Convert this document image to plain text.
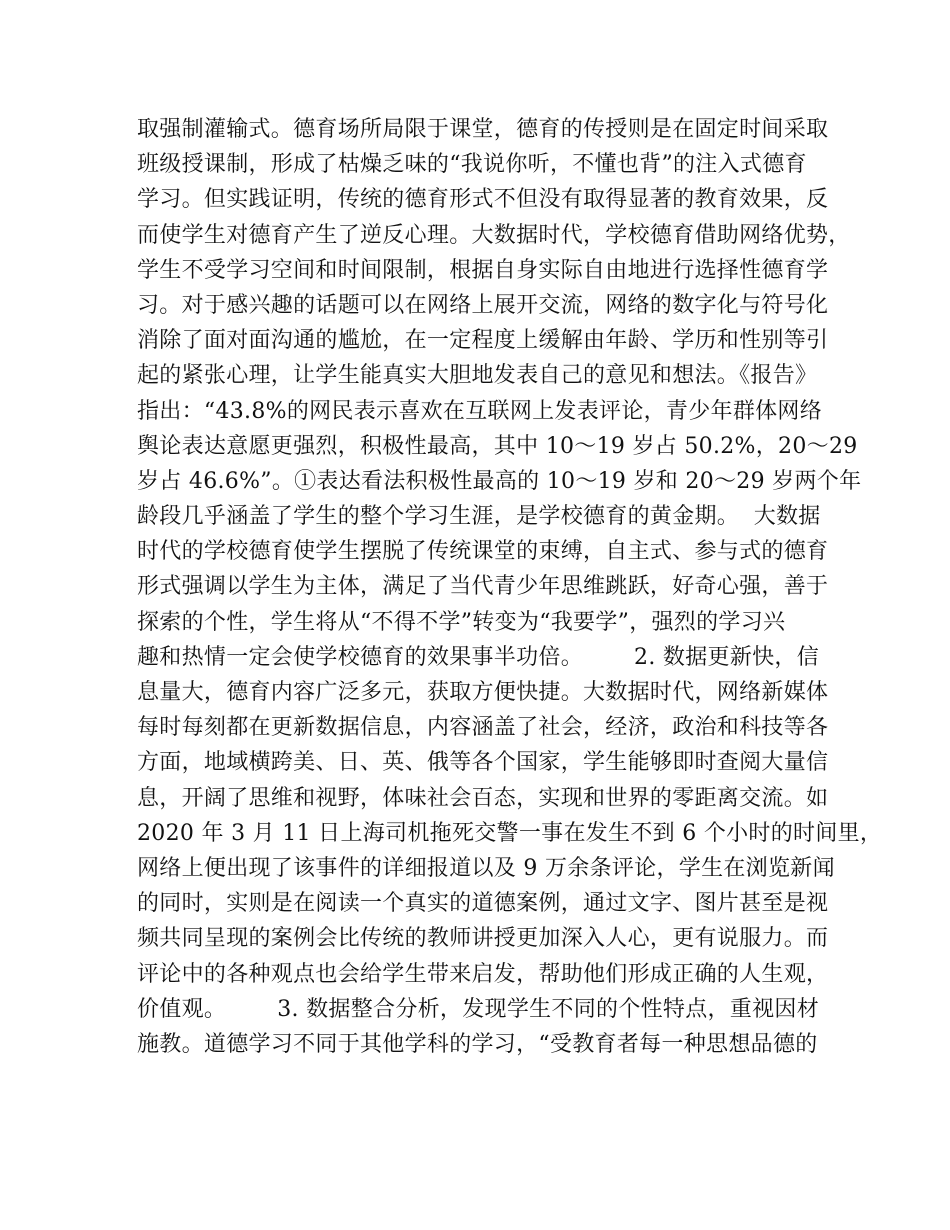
取强制灌输式。德育场所局限于课堂，德育的传授则是在固定时间采取
班级授课制，形成了枯燥乏味的“我说你听，不懂也背”的注入式德育
学习。但实践证明，传统的德育形式不但没有取得显著的教育效果，反
而使学生对德育产生了逆反心理。大数据时代，学校德育借助网络优势，
学生不受学习空间和时间限制，根据自身实际自由地进行选择性德育学
习。对于感兴趣的话题可以在网络上展开交流，网络的数字化与符号化
消除了面对面沟通的尴尬，在一定程度上缓解由年龄、学历和性别等引
起的紧张心理，让学生能真实大胆地发表自己的意见和想法。《报告》
指出：“43.8%的网民表示喜欢在互联网上发表评论，青少年群体网络
舆论表达意愿更强烈，积极性最高，其中 10～19 岁占 50.2%，20～29
岁占 46.6%”。①表达看法积极性最高的 10～19 岁和 20～29 岁两个年
龄段几乎涵盖了学生的整个学习生涯，是学校德育的黄金期。  大数据
时代的学校德育使学生摆脱了传统课堂的束缚，自主式、参与式的德育
形式强调以学生为主体，满足了当代青少年思维跳跃，好奇心强，善于
探索的个性，学生将从“不得不学”转变为“我要学”，强烈的学习兴
趣和热情一定会使学校德育的效果事半功倍。       2. 数据更新快，信
息量大，德育内容广泛多元，获取方便快捷。大数据时代，网络新媒体
每时每刻都在更新数据信息，内容涵盖了社会，经济，政治和科技等各
方面，地域横跨美、日、英、俄等各个国家，学生能够即时查阅大量信
息，开阔了思维和视野，体味社会百态，实现和世界的零距离交流。如
2020 年 3 月 11 日上海司机拖死交警一事在发生不到 6 个小时的时间里，
网络上便出现了该事件的详细报道以及 9 万余条评论，学生在浏览新闻
的同时，实则是在阅读一个真实的道德案例，通过文字、图片甚至是视
频共同呈现的案例会比传统的教师讲授更加深入人心，更有说服力。而
评论中的各种观点也会给学生带来启发，帮助他们形成正确的人生观，
价值观。       3. 数据整合分析，发现学生不同的个性特点，重视因材
施教。道德学习不同于其他学科的学习，“受教育者每一种思想品德的
